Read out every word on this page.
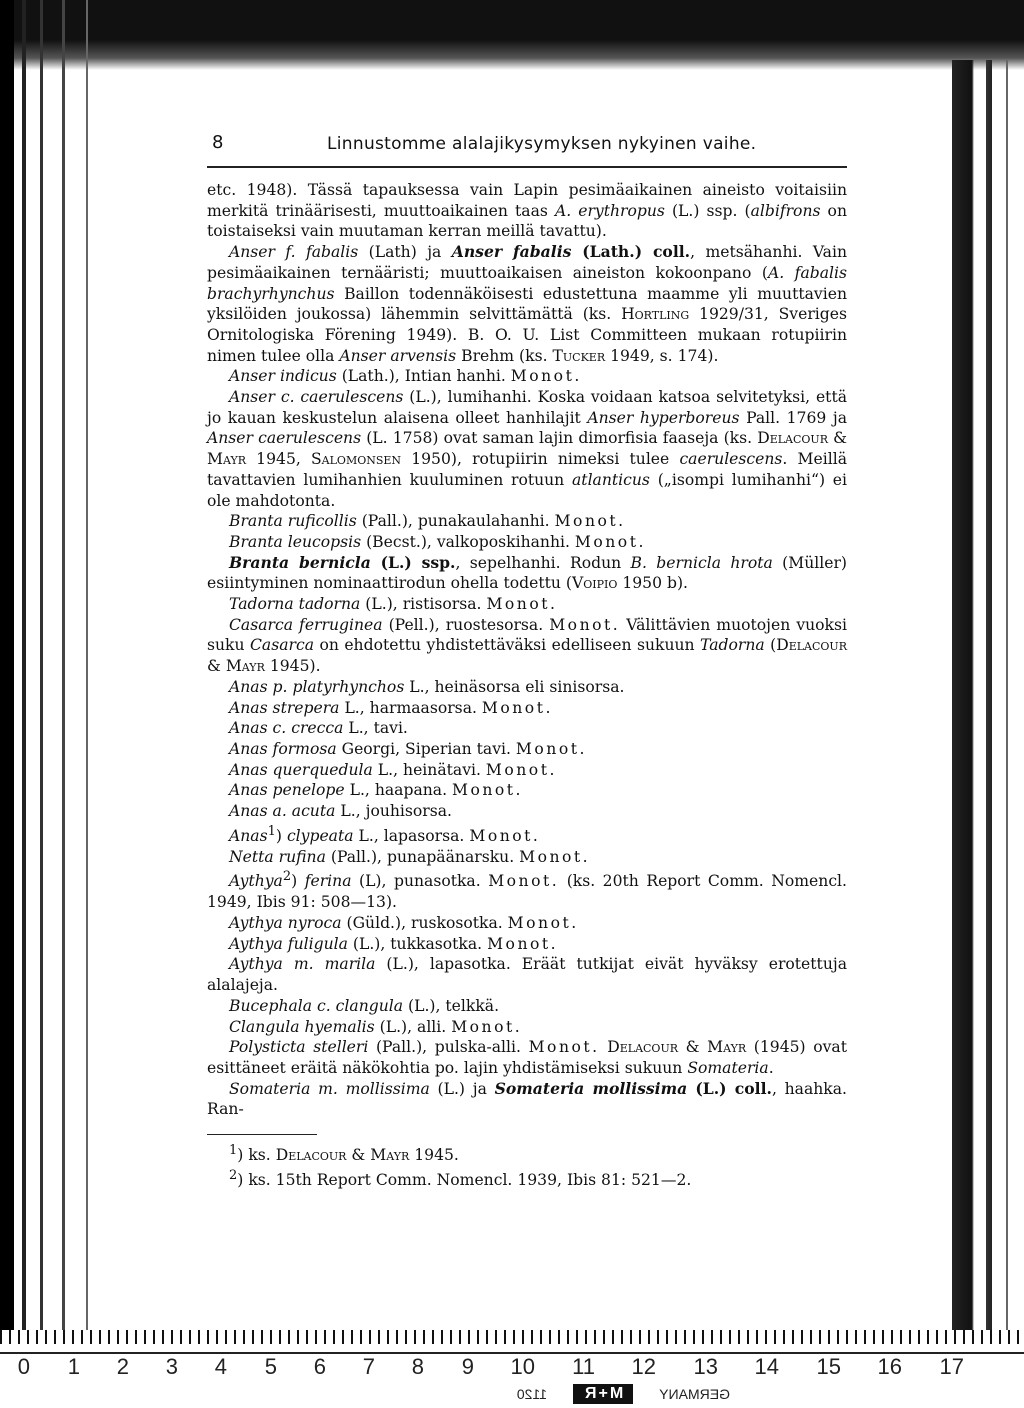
8	Linnustomme alalajikysymyksen nykyinen vaihe.

etc. 1948). Tässä tapauksessa vain Lapin pesimäaikainen aineisto voitaisiin merkitä trinäärisesti, muuttoaikainen taas A. erythropus (L.) ssp. (albifrons on toistaiseksi vain muutaman kerran meillä tavattu).

Anser f. fabalis (Lath) ja Anser fabalis (Lath.) coll., metsähanhi. Vain pesimäaikainen ternääristi; muuttoaikaisen aineiston kokoonpano (A. fabalis brachyrhynchus Baillon todennäköisesti edustettuna maamme yli muuttavien yksilöiden joukossa) lähemmin selvittämättä (ks. Hortling 1929/31, Sveriges Ornitologiska Förening 1949). B. O. U. List Committeen mukaan rotupiirin nimen tulee olla Anser arvensis Brehm (ks. Tucker 1949, s. 174).

Anser indicus (Lath.), Intian hanhi. Monot.

Anser c. caerulescens (L.), lumihanhi. Koska voidaan katsoa selvitetyksi, että jo kauan keskustelun alaisena olleet hanhilajit Anser hyperboreus Pall. 1769 ja Anser caerulescens (L. 1758) ovat saman lajin dimorfisia faaseja (ks. Delacour & Mayr 1945, Salomonsen 1950), rotupiirin nimeksi tulee caerulescens. Meillä tavattavien lumihanhien kuuluminen rotuun atlanticus („isompi lumihanhi“) ei ole mahdotonta.

Branta ruficollis (Pall.), punakaulahanhi. Monot.

Branta leucopsis (Becst.), valkoposkihanhi. Monot.

Branta bernicla (L.) ssp., sepelhanhi. Rodun B. bernicla hrota (Müller) esiintyminen nominaattirodun ohella todettu (Voipio 1950 b).

Tadorna tadorna (L.), ristisorsa. Monot.

Casarca ferruginea (Pell.), ruostesorsa. Monot. Välittävien muotojen vuoksi suku Casarca on ehdotettu yhdistettäväksi edelliseen sukuun Tadorna (Delacour & Mayr 1945).

Anas p. platyrhynchos L., heinäsorsa eli sinisorsa.

Anas strepera L., harmaasorsa. Monot.

Anas c. crecca L., tavi.

Anas formosa Georgi, Siperian tavi. Monot.

Anas querquedula L., heinätavi. Monot.

Anas penelope L., haapana. Monot.

Anas a. acuta L., jouhisorsa.

Anas$^1$) clypeata L., lapasorsa. Monot.

Netta rufina (Pall.), punapäänarsku. Monot.

Aythya$^2$) ferina (L), punasotka. Monot. (ks. 20th Report Comm. Nomencl. 1949, Ibis 91: 508—13).

Aythya nyroca (Güld.), ruskosotka. Monot.

Aythya fuligula (L.), tukkasotka. Monot.

Aythya m. marila (L.), lapasotka. Eräät tutkijat eivät hyväksy erotettuja alalajeja.

Bucephala c. clangula (L.), telkkä.

Clangula hyemalis (L.), alli. Monot.

Polysticta stelleri (Pall.), pulska-alli. Monot. Delacour & Mayr (1945) ovat esittäneet eräitä näkökohtia po. lajin yhdistämiseksi sukuun Somateria.

Somateria m. mollissima (L.) ja Somateria mollissima (L.) coll., haahka. Ran-

$^1$) ks. Delacour & Mayr 1945.

$^2$) ks. 15th Report Comm. Nomencl. 1939, Ibis 81: 521—2.

17
16
15
14
13
12
11
10
9
8
7
6
5
4
3
2
1
0
GERMANY
M+R
1120
